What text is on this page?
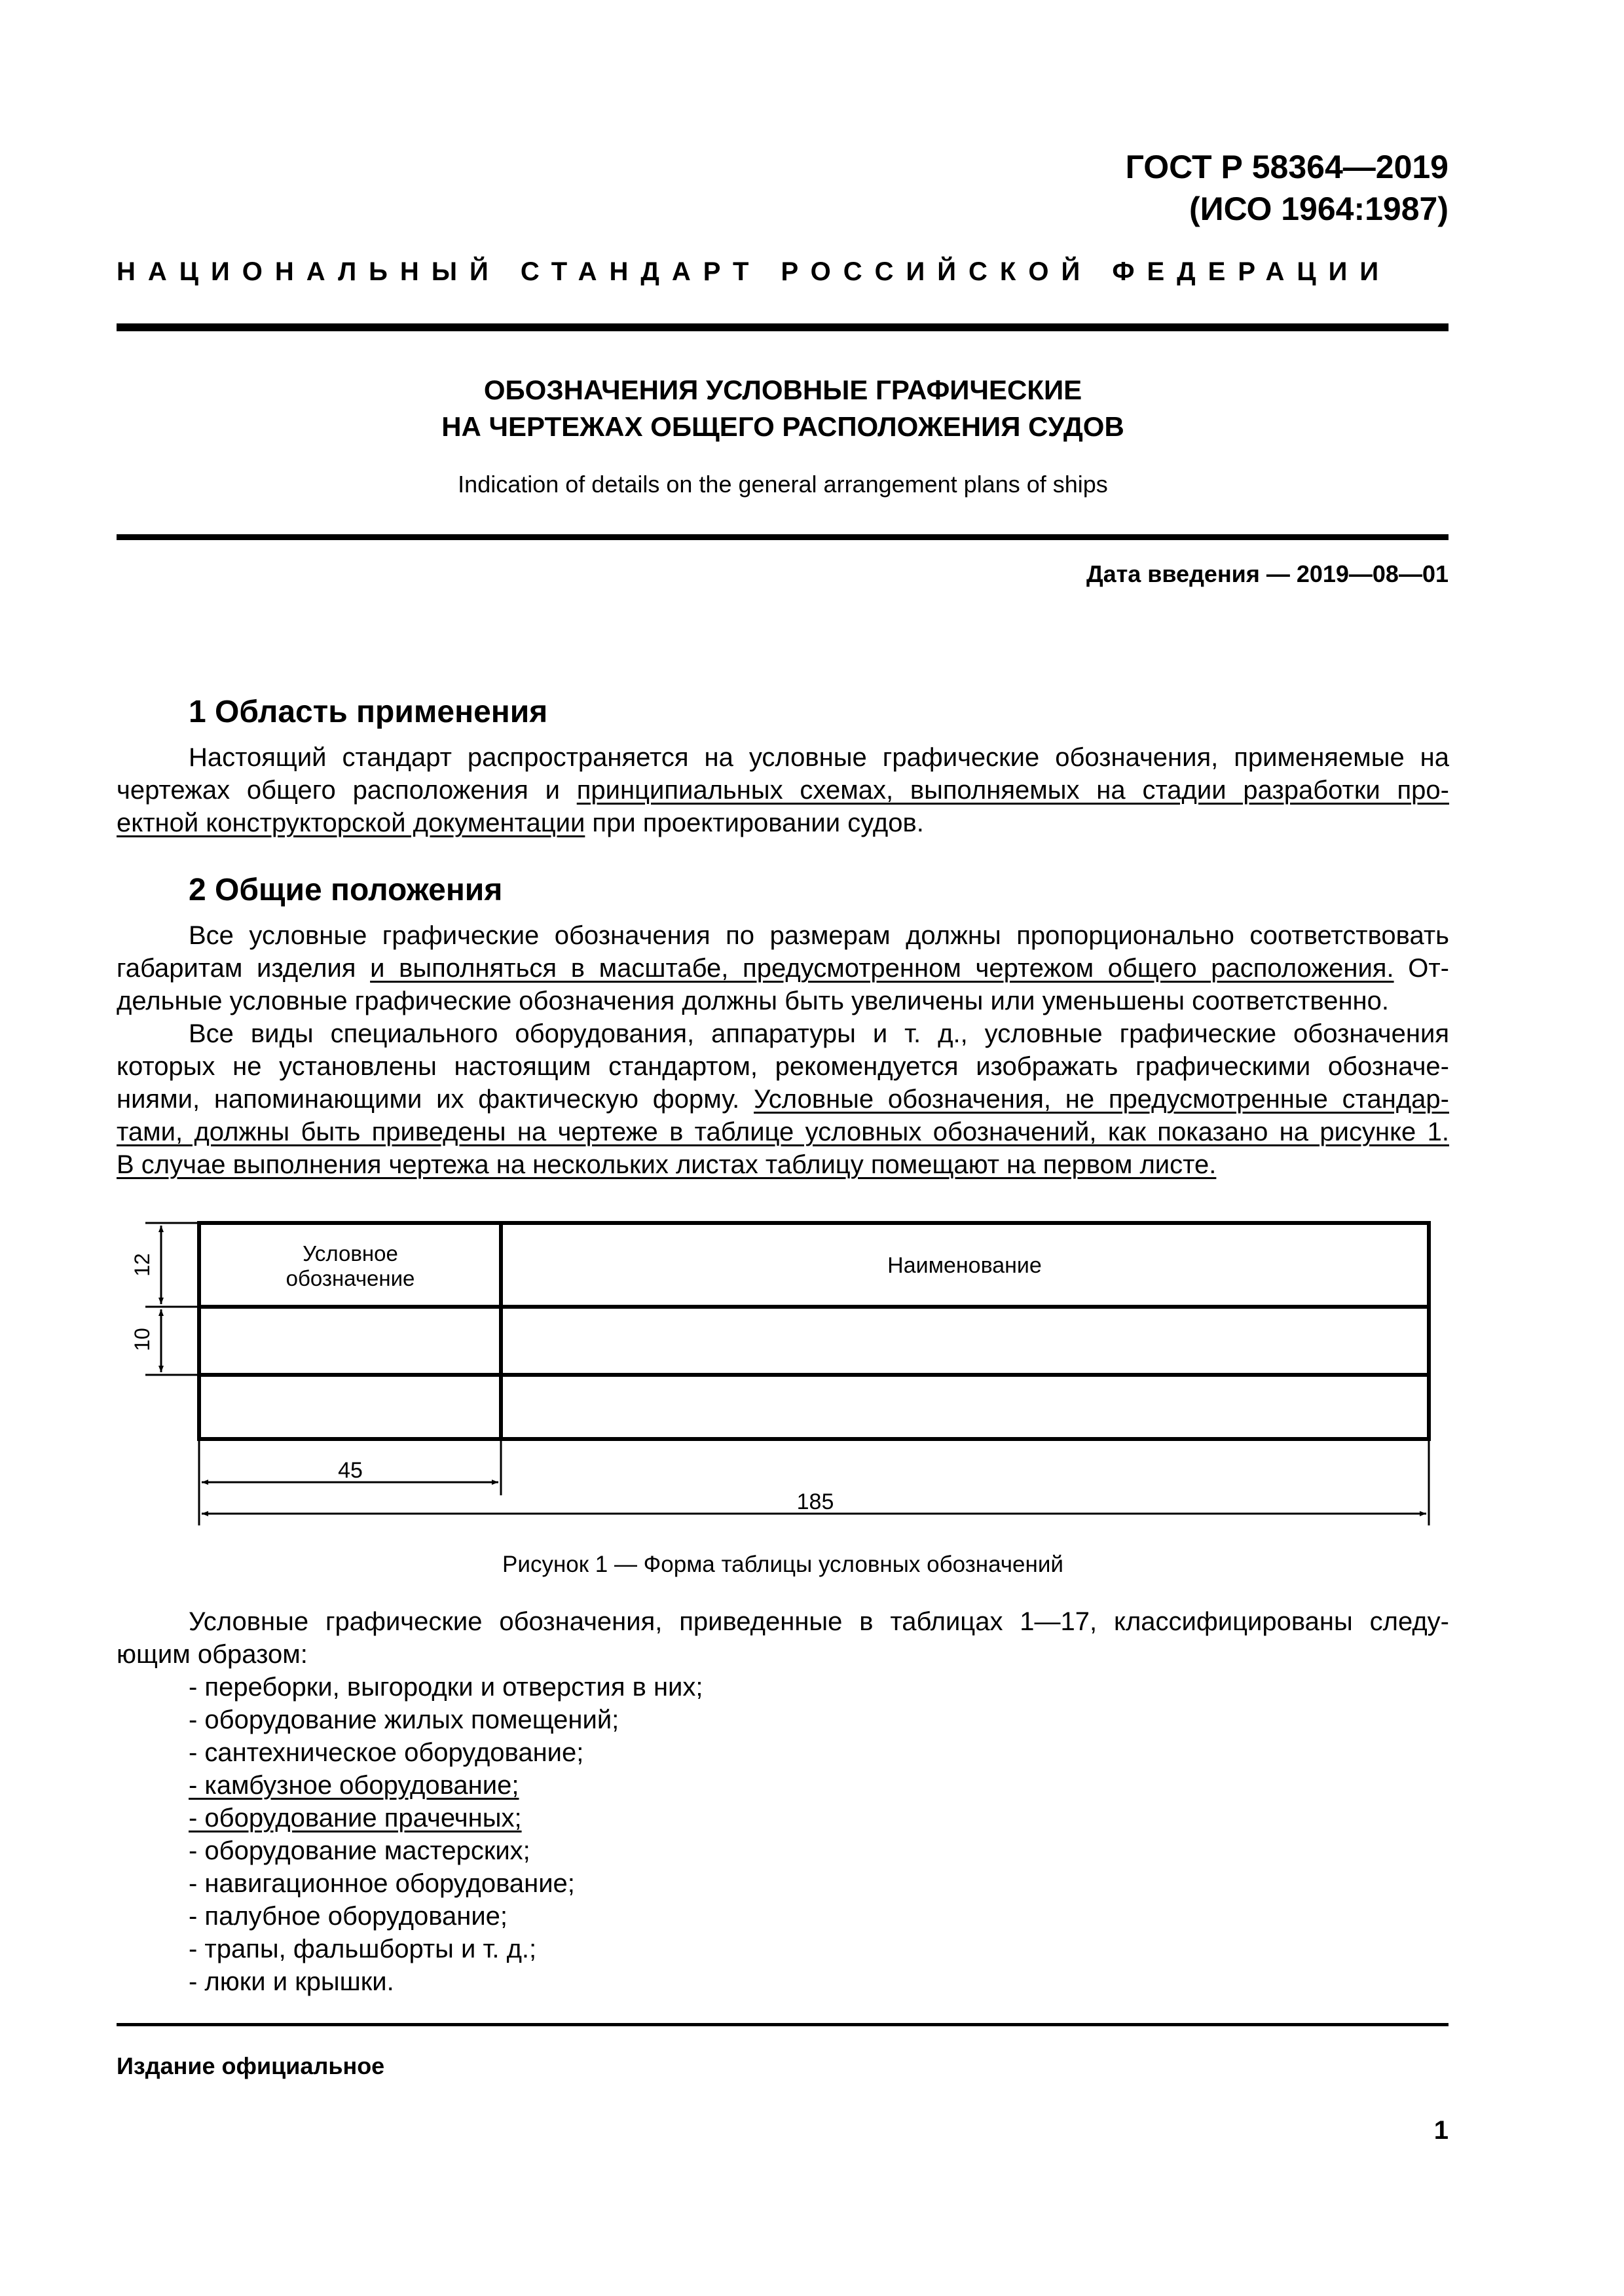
ГОСТ Р 58364—2019
(ИСО 1964:1987)
НАЦИОНАЛЬНЫЙ СТАНДАРТ РОССИЙСКОЙ ФЕДЕРАЦИИ
ОБОЗНАЧЕНИЯ УСЛОВНЫЕ ГРАФИЧЕСКИЕ
НА ЧЕРТЕЖАХ ОБЩЕГО РАСПОЛОЖЕНИЯ СУДОВ
Indication of details on the general arrangement plans of ships
Дата введения — 2019—08—01
1 Область применения
Настоящий стандарт распространяется на условные графические обозначения, применяемые на
чертежах общего расположения и принципиальных схемах, выполняемых на стадии разработки про-
ектной конструкторской документации при проектировании судов.
2 Общие положения
Все условные графические обозначения по размерам должны пропорционально соответствовать
габаритам изделия и выполняться в масштабе, предусмотренном чертежом общего расположения. От-
дельные условные графические обозначения должны быть увеличены или уменьшены соответственно.
Все виды специального оборудования, аппаратуры и т. д., условные графические обозначения
которых не установлены настоящим стандартом, рекомендуется изображать графическими обозначе-
ниями, напоминающими их фактическую форму. Условные обозначения, не предусмотренные стандар-
тами, должны быть приведены на чертеже в таблице условных обозначений, как показано на рисунке 1.
В случае выполнения чертежа на нескольких листах таблицу помещают на первом листе.
Условное
обозначение
Наименование
12
10
45
185
Рисунок 1 — Форма таблицы условных обозначений
Условные графические обозначения, приведенные в таблицах 1—17, классифицированы следу-
ющим образом:
- переборки, выгородки и отверстия в них;
- оборудование жилых помещений;
- сантехническое оборудование;
- камбузное оборудование;
- оборудование прачечных;
- оборудование мастерских;
- навигационное оборудование;
- палубное оборудование;
- трапы, фальшборты и т. д.;
- люки и крышки.
Издание официальное
1
